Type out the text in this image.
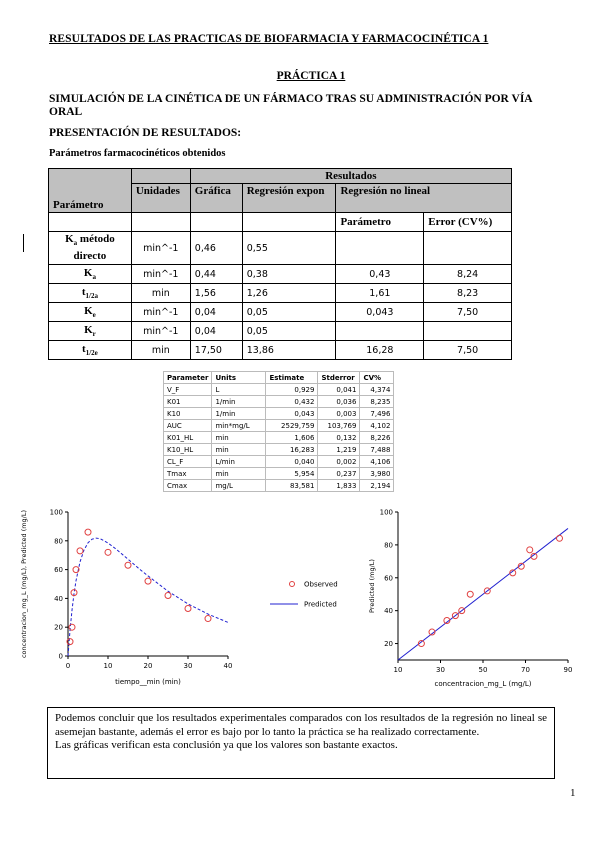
RESULTADOS DE LAS PRACTICAS DE BIOFARMACIA Y FARMACOCINÉTICA 1
PRÁCTICA 1
SIMULACIÓN DE LA CINÉTICA DE UN FÁRMACO TRAS SU ADMINISTRACIÓN POR VÍA ORAL
PRESENTACIÓN DE RESULTADOS:
Parámetros farmacocinéticos obtenidos
Parámetro		Resultados			
	Unidades	Gráfica	Regresión expon	Regresión no lineal	
				Parámetro	Error (CV%)
$K_a$ método directo	min^-1	0,46	0,55		
$K_a$	min^-1	0,44	0,38	0,43	8,24
$t_{1/2a}$	min	1,56	1,26	1,61	8,23
$K_e$	min^-1	0,04	0,05	0,043	7,50
$K_r$	min^-1	0,04	0,05		
$t_{1/2e}$	min	17,50	13,86	16,28	7,50
Parameter	Units	Estimate	Stderror	CV%
V_F	L	0,929	0,041	4,374
K01	1/min	0,432	0,036	8,235
K10	1/min	0,043	0,003	7,496
AUC	min*mg/L	2529,759	103,769	4,102
K01_HL	min	1,606	0,132	8,226
K10_HL	min	16,283	1,219	7,488
CL_F	L/min	0,040	0,002	4,106
Tmax	min	5,954	0,237	3,980
Cmax	mg/L	83,581	1,833	2,194
0
20
40
60
80
100
0	10	20	30	40
tiempo__min (min)
concentracion_mg_L (mg/L), Predicted (mg/L)	Observed
Predicted
20
40
60
80
100
10	30	50	70	90
concentracion_mg_L (mg/L)
Predicted (mg/L)

Podemos concluir que los resultados experimentales comparados con los resultados de la regresión no lineal se asemejan bastante, además el error es bajo por lo tanto la práctica se ha realizado correctamente.

Las gráficas verifican esta conclusión ya que los valores son bastante exactos.

1
